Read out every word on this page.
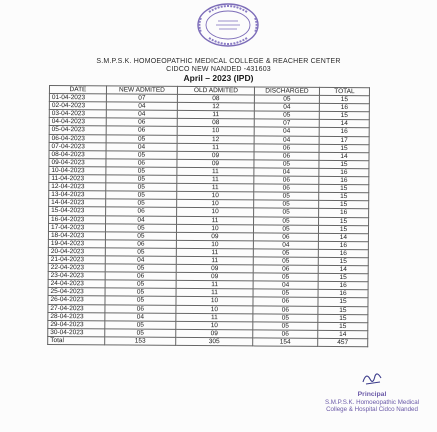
S.M.P.S.K. HOMOEOPATHIC MEDICAL COLLEGE & REACHER CENTER
CIDCO NEW NANDED -431603
April – 2023 (IPD)
DATE	NEW ADMITED	OLD ADMITED	DISCHARGED	TOTAL
01-04-2023	07	08	05	15
02-04-2023	04	12	04	16
03-04-2023	04	11	05	15
04-04-2023	06	08	07	14
05-04-2023	06	10	04	16
06-04-2023	05	12	04	17
07-04-2023	04	11	06	15
08-04-2023	05	09	06	14
09-04-2023	06	09	05	15
10-04-2023	05	11	04	16
11-04-2023	05	11	06	16
12-04-2023	05	11	06	15
13-04-2023	05	10	05	15
14-04-2023	05	10	05	15
15-04-2023	06	10	05	16
16-04-2023	04	11	05	15
17-04-2023	05	10	05	15
18-04-2023	05	09	06	14
19-04-2023	06	10	04	16
20-04-2023	05	11	05	16
21-04-2023	04	11	05	15
22-04-2023	05	09	06	14
23-04-2023	06	09	05	15
24-04-2023	05	11	04	16
25-04-2023	05	11	05	16
26-04-2023	05	10	06	15
27-04-2023	06	10	06	15
28-04-2023	04	11	05	15
29-04-2023	05	10	05	15
30-04-2023	05	09	06	14
Total	153	305	154	457
Principal
S.M.P.S.K. Homoeopathic Medical
College & Hospital Cidco Nanded
